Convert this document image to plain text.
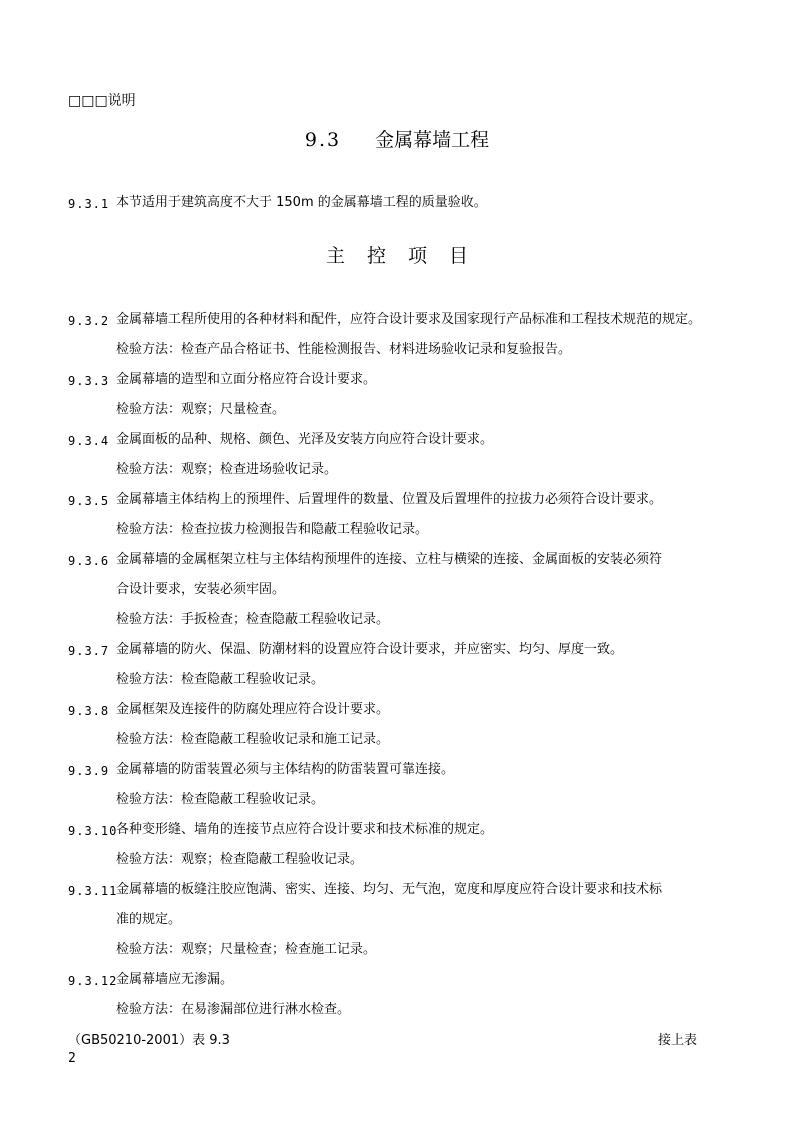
□□□说明
9.3 金属幕墙工程
9.3.1 本节适用于建筑高度不大于 150m 的金属幕墙工程的质量验收。
主控项目
9.3.2 金属幕墙工程所使用的各种材料和配件，应符合设计要求及国家现行产品标准和工程技术规范的规定。
检验方法：检查产品合格证书、性能检测报告、材料进场验收记录和复验报告。
9.3.3 金属幕墙的造型和立面分格应符合设计要求。
检验方法：观察；尺量检查。
9.3.4 金属面板的品种、规格、颜色、光泽及安装方向应符合设计要求。
检验方法：观察；检查进场验收记录。
9.3.5 金属幕墙主体结构上的预埋件、后置埋件的数量、位置及后置埋件的拉拔力必须符合设计要求。
检验方法：检查拉拔力检测报告和隐蔽工程验收记录。
9.3.6 金属幕墙的金属框架立柱与主体结构预埋件的连接、立柱与横梁的连接、金属面板的安装必须符
合设计要求，安装必须牢固。
检验方法：手扳检查；检查隐蔽工程验收记录。
9.3.7 金属幕墙的防火、保温、防潮材料的设置应符合设计要求，并应密实、均匀、厚度一致。
检验方法：检查隐蔽工程验收记录。
9.3.8 金属框架及连接件的防腐处理应符合设计要求。
检验方法：检查隐蔽工程验收记录和施工记录。
9.3.9 金属幕墙的防雷装置必须与主体结构的防雷装置可靠连接。
检验方法：检查隐蔽工程验收记录。
9.3.10
各种变形缝、墙角的连接节点应符合设计要求和技术标准的规定。
检验方法：观察；检查隐蔽工程验收记录。
9.3.11
金属幕墙的板缝注胶应饱满、密实、连接、均匀、无气泡，宽度和厚度应符合设计要求和技术标
准的规定。
检验方法：观察；尺量检查；检查施工记录。
9.3.12
金属幕墙应无渗漏。
检验方法：在易渗漏部位进行淋水检查。
（GB50210-2001）表 9.3	接上表
2
